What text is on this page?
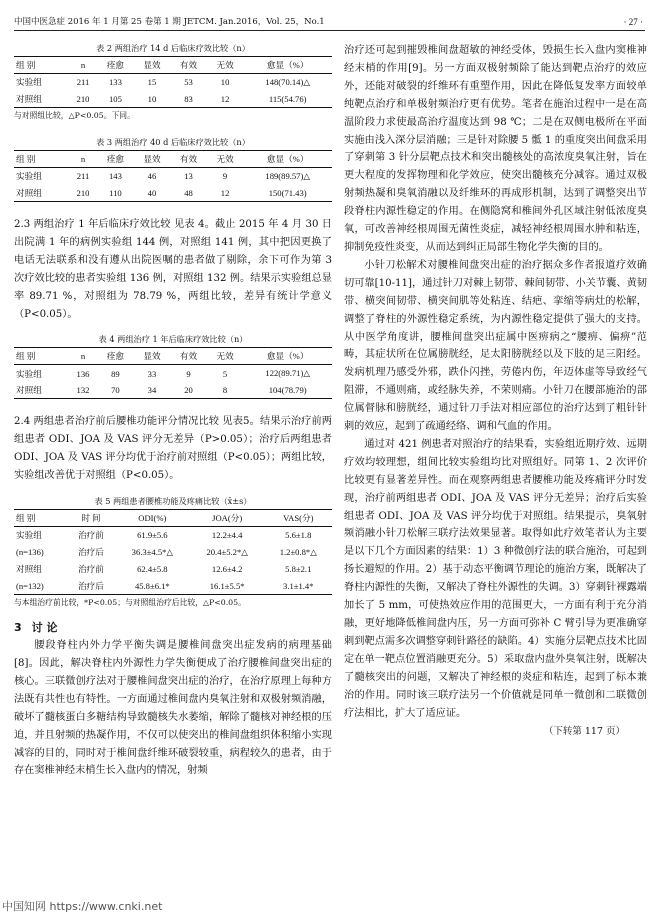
中国中医急症 2016 年 1 月第 25 卷第 1 期 JETCM. Jan.2016，Vol. 25，No.1	· 27 ·
表 2 两组治疗 14 d 后临床疗效比较（n）
组 别	n	痊愈	显效	有效	无效	愈显（%）
实验组	211	133	15	53	10	148(70.14)△
对照组	210	105	10	83	12	115(54.76)
与对照组比较，△P<0.05。下同。
表 3 两组治疗 40 d 后临床疗效比较（n）
组 别	n	痊愈	显效	有效	无效	愈显（%）
实验组	211	143	46	13	9	189(89.57)△
对照组	210	110	40	48	12	150(71.43)

2.3 两组治疗 1 年后临床疗效比较 见表 4。截止 2015 年 4 月 30 日出院满 1 年的病例实验组 144 例，对照组 141 例，其中把因更换了电话无法联系和没有遵从出院医嘱的患者做了剔除，余下可作为第 3 次疗效比较的患者实验组 136 例，对照组 132 例。结果示实验组总显率 89.71 %，对照组为 78.79 %，两组比较，差异有统计学意义（P<0.05）。

表 4 两组治疗 1 年后临床疗效比较（n）
组 别	n	痊愈	显效	有效	无效	愈显（%）
实验组	136	89	33	9	5	122(89.71)△
对照组	132	70	34	20	8	104(78.79)

2.4 两组患者治疗前后腰椎功能评分情况比较 见表5。结果示治疗前两组患者 ODI、JOA 及 VAS 评分无差异（P>0.05）；治疗后两组患者 ODI、JOA 及 VAS 评分均优于治疗前对照组（P<0.05）；两组比较，实验组改善优于对照组（P<0.05）。

表 5 两组患者腰椎功能及疼痛比较（x̄±s）
组 别	时 间	ODI(%)	JOA(分)	VAS(分)
实验组	治疗前	61.9±5.6	12.2±4.4	5.6±1.8
(n=136)	治疗后	36.3±4.5*△	20.4±5.2*△	1.2±0.8*△
对照组	治疗前	62.4±5.8	12.6±4.2	5.8±2.1
(n=132)	治疗后	45.8±6.1*	16.1±5.5*	3.1±1.4*
与本组治疗前比较，*P<0.05；与对照组治疗后比较，△P<0.05。
3 讨 论

腰段脊柱内外力学平衡失调是腰椎间盘突出症发病的病理基础[8]。因此，解决脊柱内外源性力学失衡便成了治疗腰椎间盘突出症的核心。三联微创疗法对于腰椎间盘突出症的治疗，在治疗原理上每种方法既有共性也有特性。一方面通过椎间盘内臭氧注射和双极射频消融，破坏了髓核蛋白多糖结构导致髓核失水萎缩，解除了髓核对神经根的压迫，并且射频的热凝作用，不仅可以使突出的椎间盘组织体积缩小实现减容的目的，同时对于椎间盘纤维环破裂较重，病程较久的患者，由于存在窦椎神经末梢生长入盘内的情况，射频

治疗还可起到摧毁椎间盘超敏的神经受体，毁损生长入盘内窦椎神经末梢的作用[9]。另一方面双极射频除了能达到靶点治疗的效应外，还能对破裂的纤维环有重塑作用，因此在降低复发率方面较单纯靶点治疗和单极射频治疗更有优势。笔者在施治过程中一是在高温阶段力求使最高治疗温度达到 98 ℃；二是在双侧电极所在平面实施由浅入深分层消融；三是针对除腰 5 骶 1 的重度突出间盘采用了穿刺第 3 针分层靶点技术和突出髓核处的高浓度臭氧注射，旨在更大程度的发挥物理和化学效应，使突出髓核充分减容。通过双极射频热凝和臭氧消融以及纤维环的再成形机制，达到了调整突出节段脊柱内源性稳定的作用。在侧隐窝和椎间外孔区域注射低浓度臭氧，可改善神经根周围无菌性炎症，减轻神经根周围水肿和粘连，抑制免疫性炎变，从而达到纠正局部生物化学失衡的目的。

小针刀松解术对腰椎间盘突出症的治疗据众多作者报道疗效确切可靠[10-11]，通过针刀对棘上韧带、棘间韧带、小关节囊、黄韧带、横突间韧带、横突间肌等处粘连、结疤、挛缩等病灶的松解，调整了脊柱的外源性稳定系统，为内源性稳定提供了强大的支持。从中医学角度讲，腰椎间盘突出症属中医痹病之“腰痹、偏痹”范畴，其症状所在位属膀胱经，足太阳膀胱经以及下肢的足三阳经。发病机理乃感受外邪，跌仆闪挫，劳倦内伤，年迈体虚等导致经气阻滞，不通则痛，或经脉失养，不荣则痛。小针刀在腰部施治的部位属督脉和膀胱经，通过针刀手法对相应部位的治疗达到了粗针针刺的效应，起到了疏通经络、调和气血的作用。

通过对 421 例患者对照治疗的结果看，实验组近期疗效、远期疗效均较理想，组间比较实验组均比对照组好。同第 1、2 次评价比较更有显著差异性。而在观察两组患者腰椎功能及疼痛评分时发现，治疗前两组患者 ODI、JOA 及 VAS 评分无差异；治疗后实验组患者 ODI、JOA 及 VAS 评分均优于对照组。结果提示，臭氧射频消融小针刀松解三联疗法效果显著。取得如此疗效笔者认为主要是以下几个方面因素的结果：1）3 种微创疗法的联合施治，可起到扬长避短的作用。2）基于动态平衡调节理论的施治方案，既解决了脊柱内源性的失衡，又解决了脊柱外源性的失调。3）穿刺针裸露端加长了 5 mm，可使热效应作用的范围更大，一方面有利于充分消融，更好地降低椎间盘内压，另一方面可弥补 C 臂引导为更准确穿刺到靶点需多次调整穿刺针路径的缺陷。4）实施分层靶点技术比固定在单一靶点位置消融更充分。5）采取盘内盘外臭氧注射，既解决了髓核突出的问题，又解决了神经根的炎症和粘连，起到了标本兼治的作用。同时该三联疗法另一个价值就是同单一微创和二联微创疗法相比，扩大了适应证。

（下转第 117 页）
中国知网 https://www.cnki.net
